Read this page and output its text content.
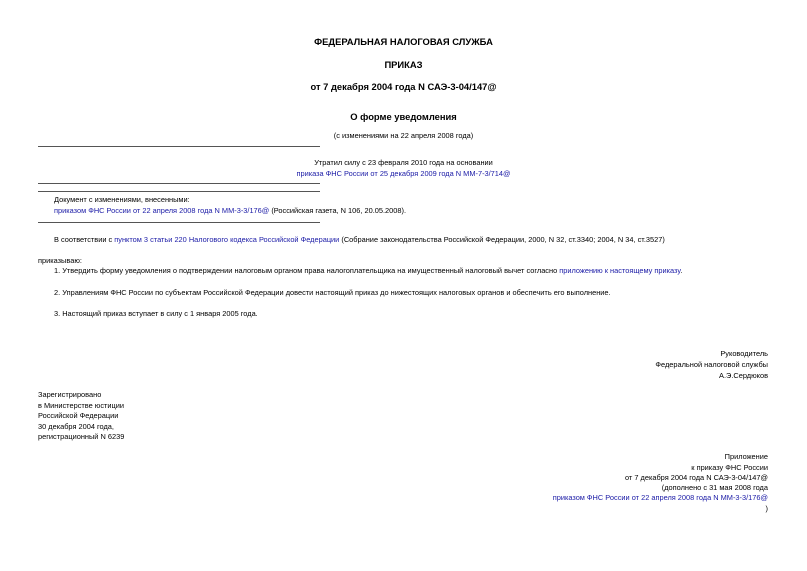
ФЕДЕРАЛЬНАЯ НАЛОГОВАЯ СЛУЖБА
ПРИКАЗ
от 7 декабря 2004 года N САЭ-3-04/147@
О форме уведомления
(с изменениями на 22 апреля 2008 года)
Утратил силу с 23 февраля 2010 года на основании
приказа ФНС России от 25 декабря 2009 года N ММ-7-3/714@
Документ с изменениями, внесенными:
приказом ФНС России от 22 апреля 2008 года N ММ-3-3/176@ (Российская газета, N 106, 20.05.2008).
В соответствии с пунктом 3 статьи 220 Налогового кодекса Российской Федерации (Собрание законодательства Российской Федерации, 2000, N 32, ст.3340; 2004, N 34, ст.3527)
приказываю:
1. Утвердить форму уведомления о подтверждении налоговым органом права налогоплательщика на имущественный налоговый вычет согласно приложению к настоящему приказу.
2. Управлениям ФНС России по субъектам Российской Федерации довести настоящий приказ до нижестоящих налоговых органов и обеспечить его выполнение.
3. Настоящий приказ вступает в силу с 1 января 2005 года.
Руководитель
Федеральной налоговой службы
А.Э.Сердюков
Зарегистрировано
в Министерстве юстиции
Российской Федерации
30 декабря 2004 года,
регистрационный N 6239
Приложение
к приказу ФНС России
от 7 декабря 2004 года N САЭ-3-04/147@
(дополнено с 31 мая 2008 года
приказом ФНС России от 22 апреля 2008 года N ММ-3-3/176@
)
